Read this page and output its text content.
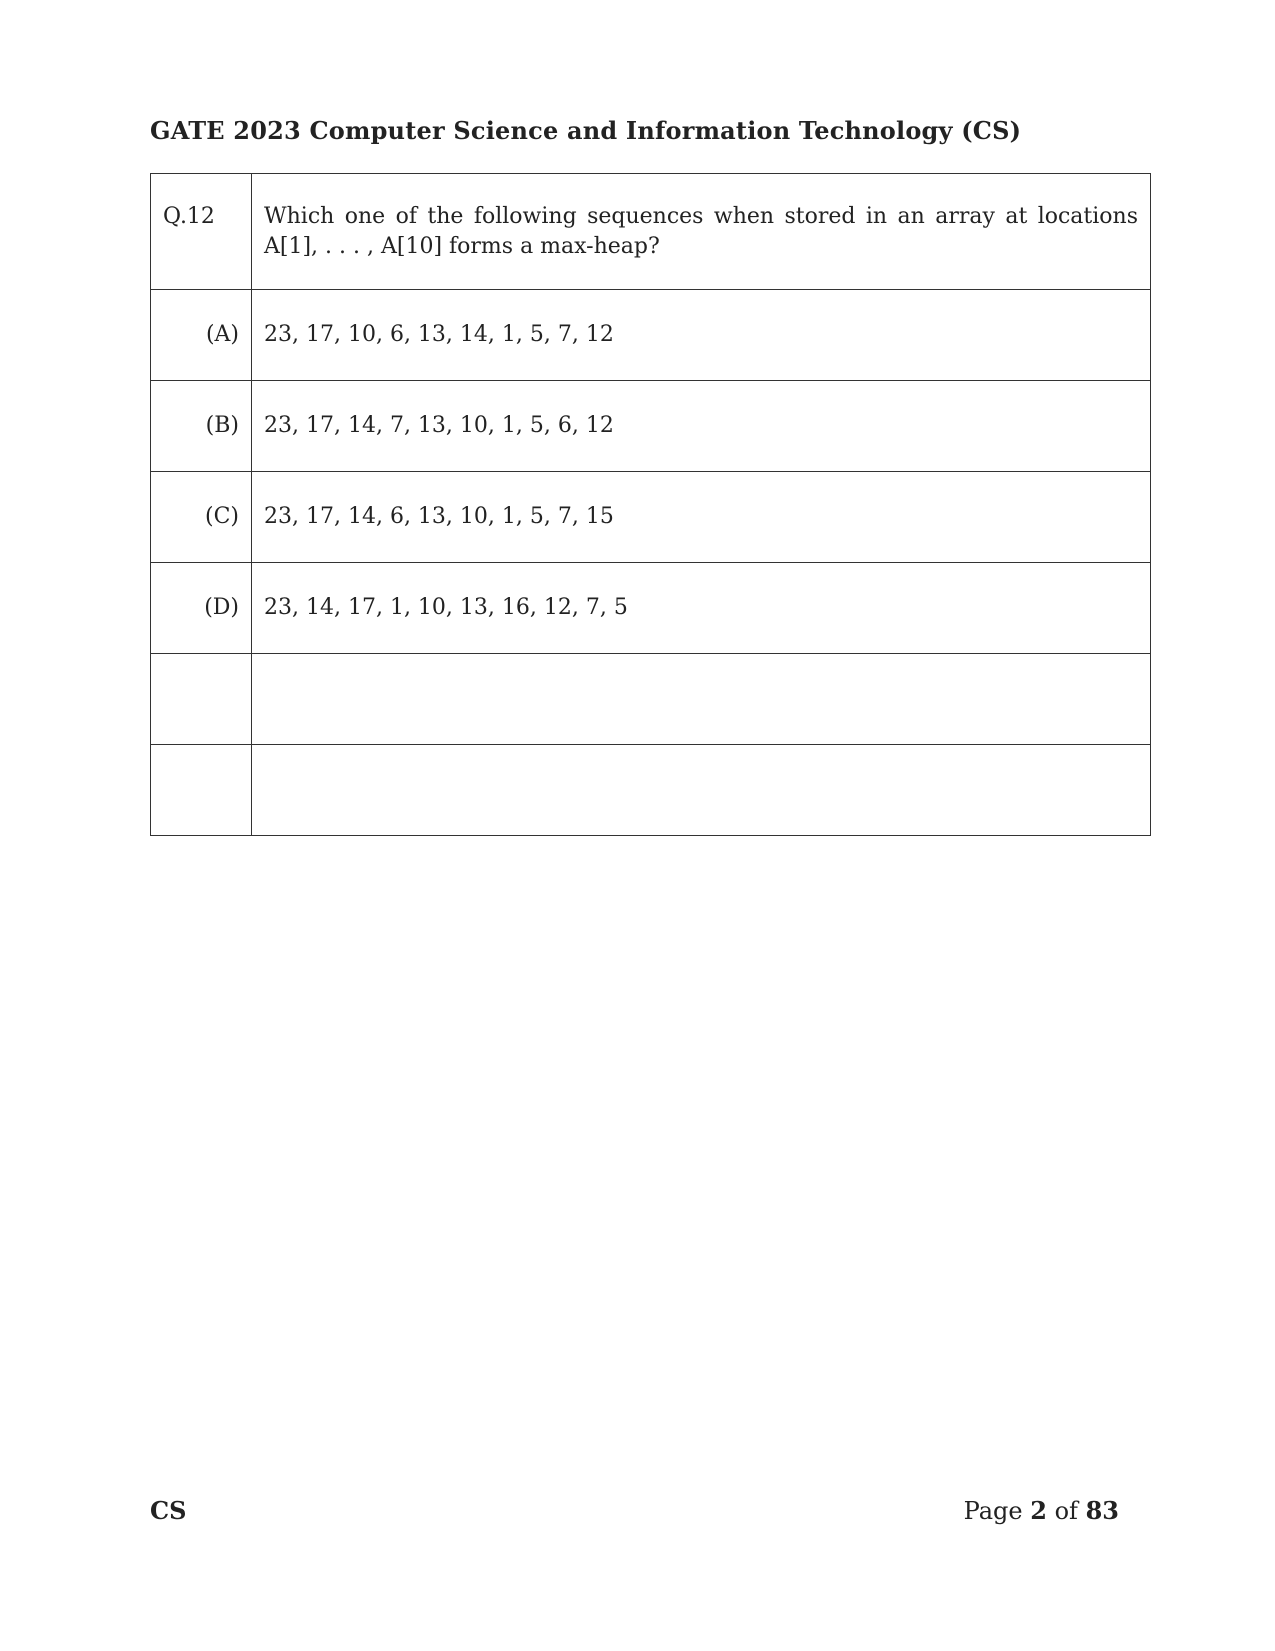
GATE 2023 Computer Science and Information Technology (CS)
Q.12	Which one of the following sequences when stored in an array at locations
A[1], . . . , A[10] forms a max-heap?

(A)	23, 17, 10, 6, 13, 14, 1, 5, 7, 12
(B)	23, 17, 14, 7, 13, 10, 1, 5, 6, 12
(C)	23, 17, 14, 6, 13, 10, 1, 5, 7, 15
(D)	23, 14, 17, 1, 10, 13, 16, 12, 7, 5

CS	Page 2 of 83
